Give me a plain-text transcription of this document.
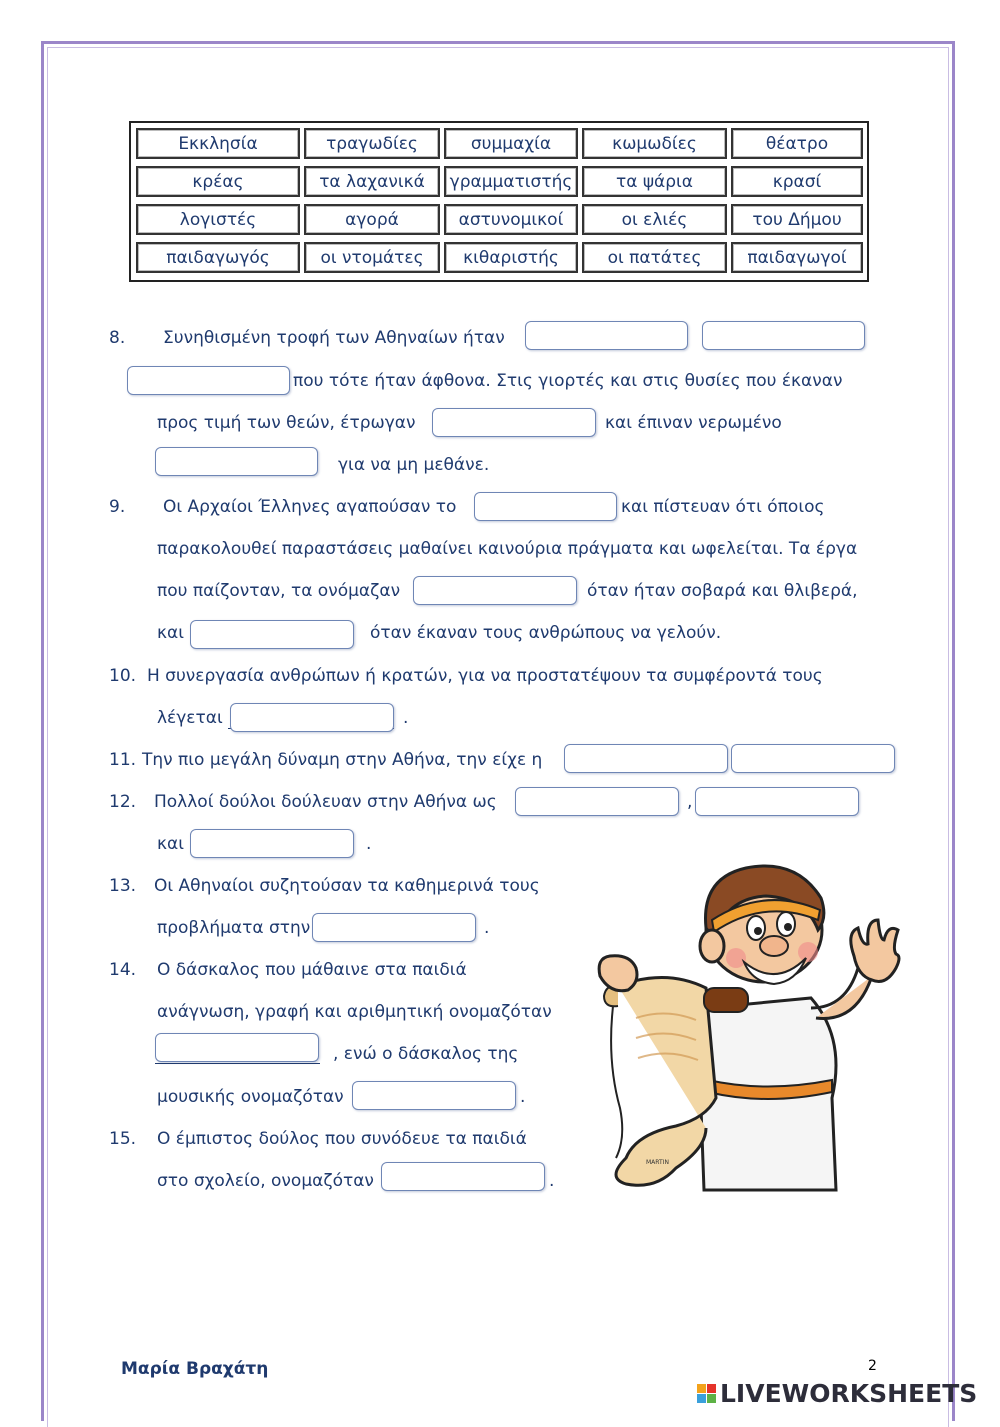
Εκκλησία	τραγωδίες	συμμαχία	κωμωδίες	θέατρο
κρέας	τα λαχανικά	γραμματιστής	τα ψάρια	κρασί
λογιστές	αγορά	αστυνομικοί	οι ελιές	του Δήμου
παιδαγωγός	οι ντομάτες	κιθαριστής	οι πατάτες	παιδαγωγοί
8. Συνηθισμένη τροφή των Αθηναίων ήταν
που τότε ήταν άφθονα. Στις γιορτές και στις θυσίες που έκαναν
προς τιμή των θεών, έτρωγαν	και έπιναν νερωμένο
για να μη μεθάνε.
9. Οι Αρχαίοι Έλληνες αγαπούσαν το	και πίστευαν ότι όποιος
παρακολουθεί παραστάσεις μαθαίνει καινούρια πράγματα και ωφελείται. Τα έργα
που παίζονταν, τα ονόμαζαν	όταν ήταν σοβαρά και θλιβερά,
και	όταν έκαναν τους ανθρώπους να γελούν.
10. Η συνεργασία ανθρώπων ή κρατών, για να προστατέψουν τα συμφέροντά τους
λέγεται	.
11. Την πιο μεγάλη δύναμη στην Αθήνα, την είχε η
12. Πολλοί δούλοι δούλευαν στην Αθήνα ως	,
και	.
13. Οι Αθηναίοι συζητούσαν τα καθημερινά τους
προβλήματα στην	.
14. Ο δάσκαλος που μάθαινε στα παιδιά
ανάγνωση, γραφή και αριθμητική ονομαζόταν
, ενώ ο δάσκαλος της
μουσικής ονομαζόταν	.
15. Ο έμπιστος δούλος που συνόδευε τα παιδιά
στο σχολείο, ονομαζόταν	.
MARTIN
Μαρία Βραχάτη	2
LIVEWORKSHEETS
